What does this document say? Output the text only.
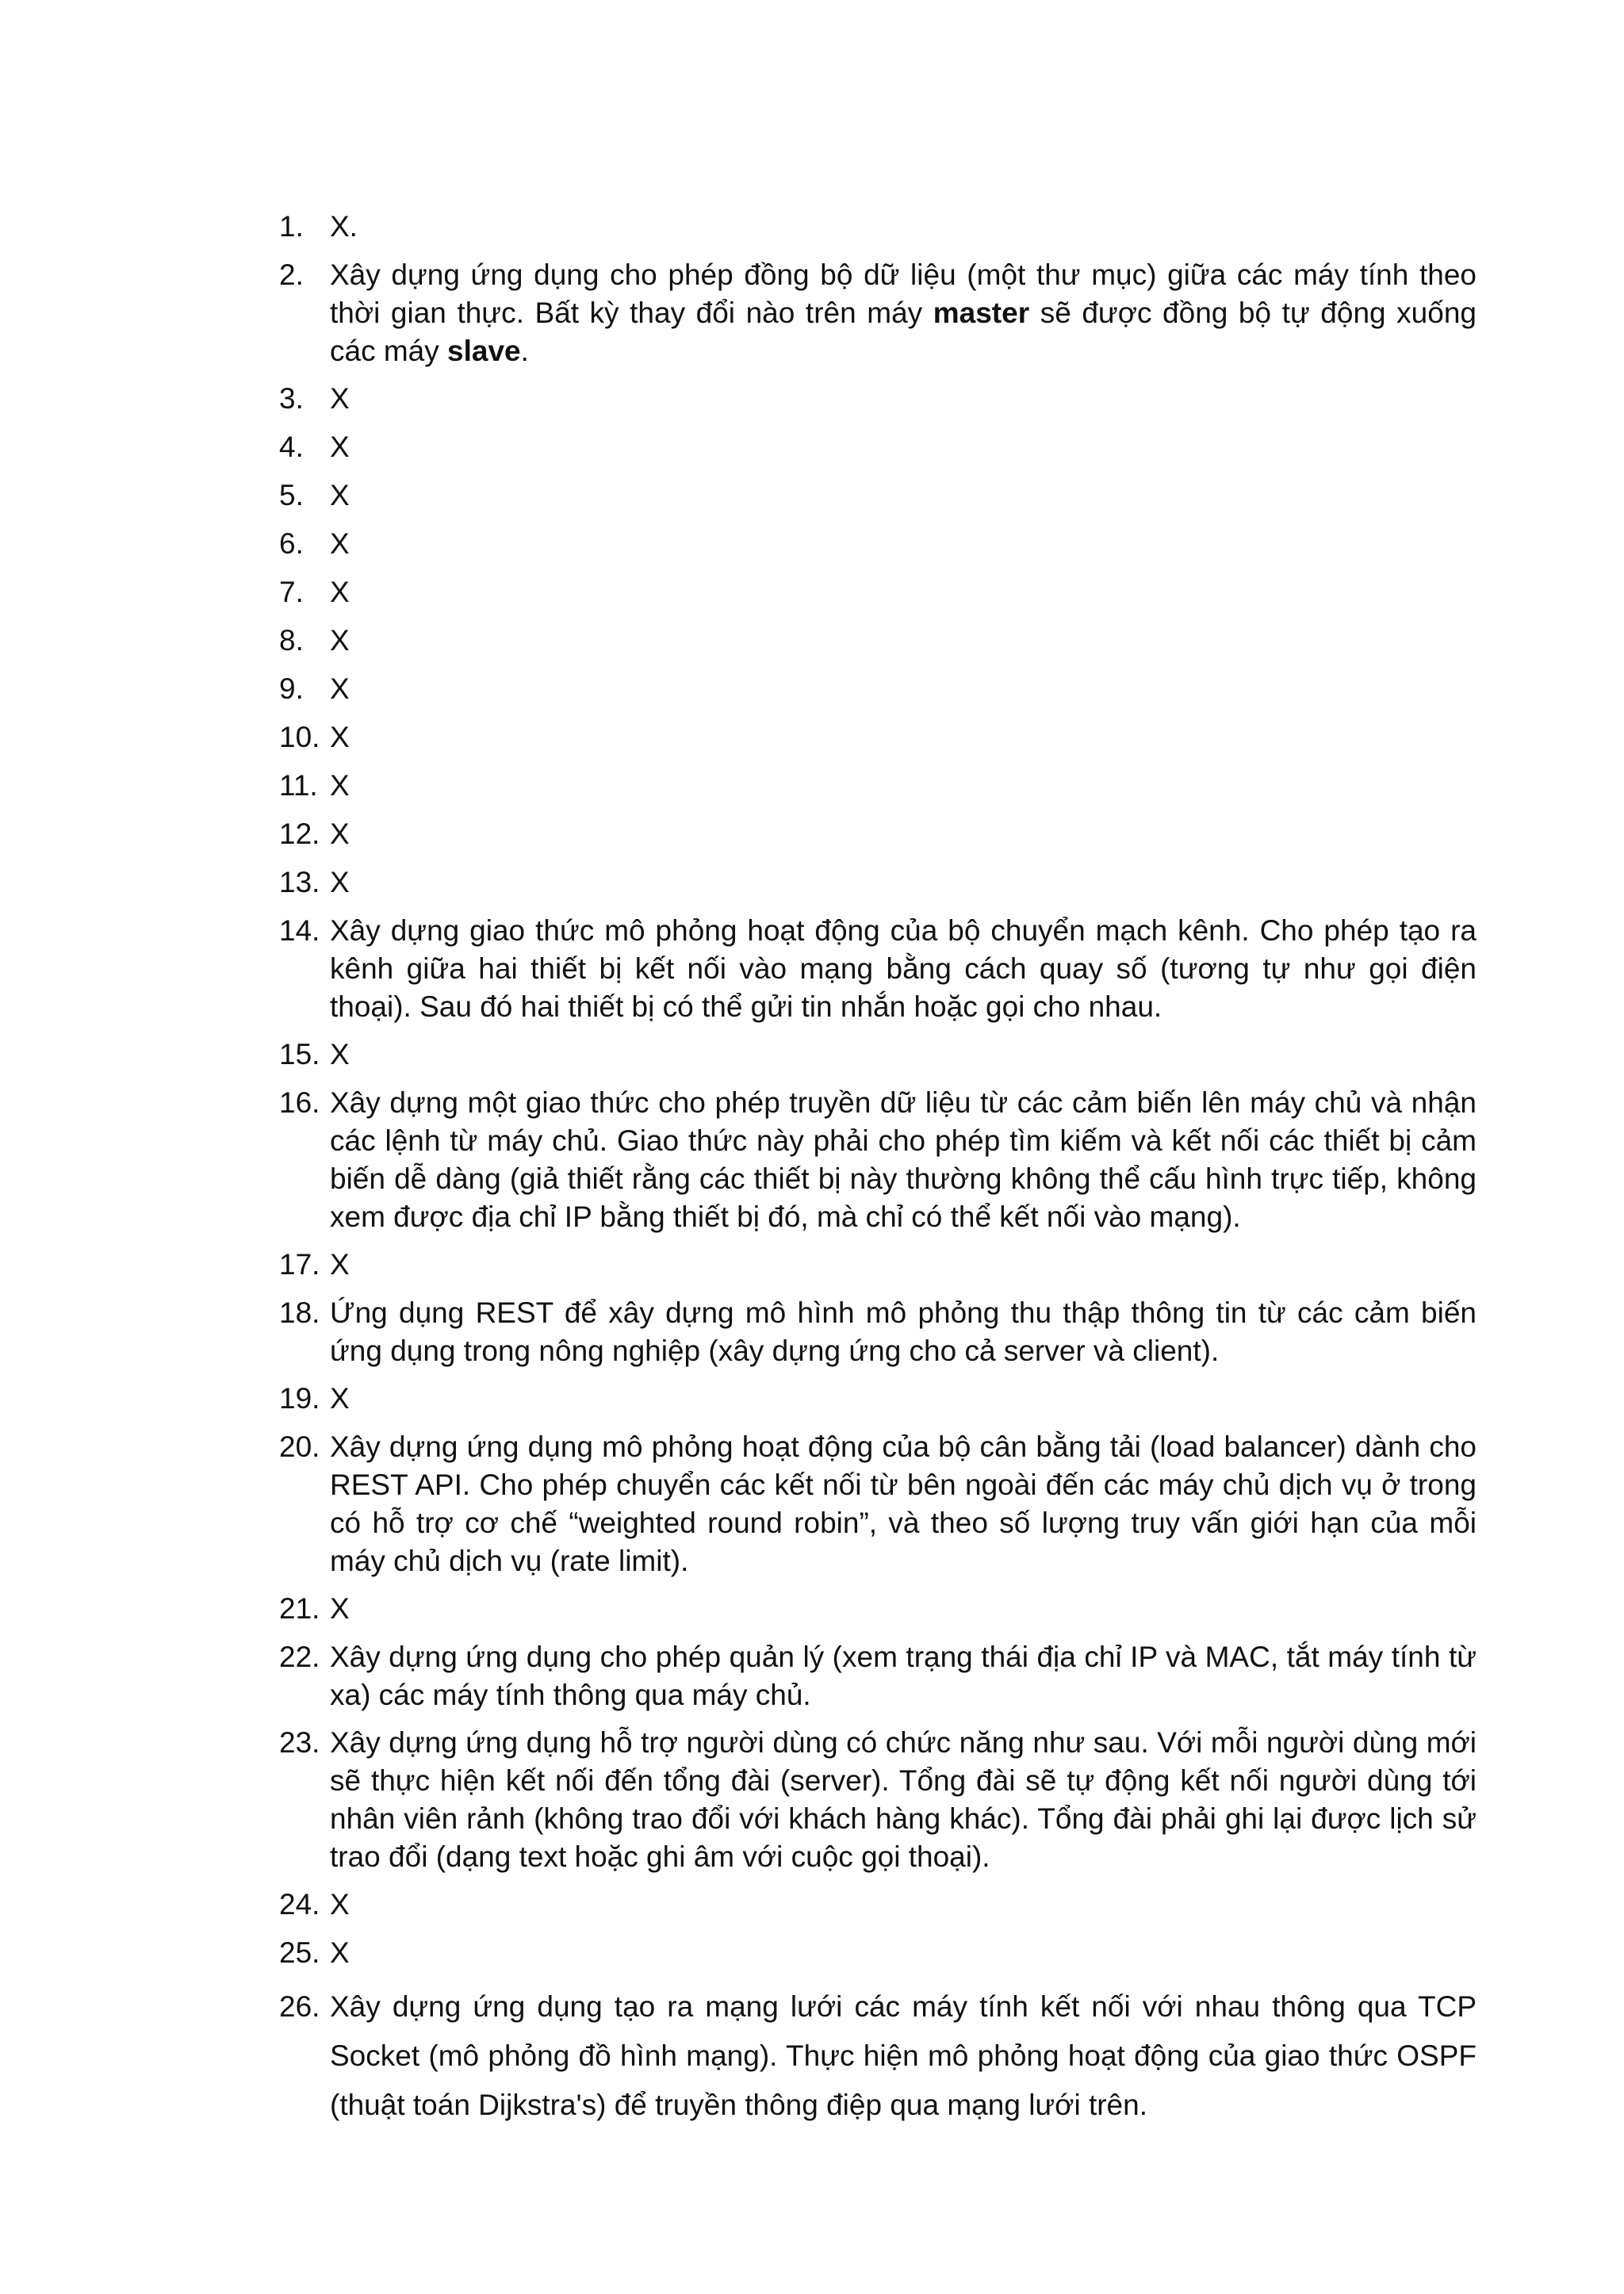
1. X.
2. Xây dựng ứng dụng cho phép đồng bộ dữ liệu (một thư mục) giữa các máy tính theo thời gian thực. Bất kỳ thay đổi nào trên máy master sẽ được đồng bộ tự động xuống các máy slave.
3. X
4. X
5. X
6. X
7. X
8. X
9. X
10. X
11. X
12. X
13. X
14. Xây dựng giao thức mô phỏng hoạt động của bộ chuyển mạch kênh. Cho phép tạo ra kênh giữa hai thiết bị kết nối vào mạng bằng cách quay số (tương tự như gọi điện thoại). Sau đó hai thiết bị có thể gửi tin nhắn hoặc gọi cho nhau.
15. X
16. Xây dựng một giao thức cho phép truyền dữ liệu từ các cảm biến lên máy chủ và nhận các lệnh từ máy chủ. Giao thức này phải cho phép tìm kiếm và kết nối các thiết bị cảm biến dễ dàng (giả thiết rằng các thiết bị này thường không thể cấu hình trực tiếp, không xem được địa chỉ IP bằng thiết bị đó, mà chỉ có thể kết nối vào mạng).
17. X
18. Ứng dụng REST để xây dựng mô hình mô phỏng thu thập thông tin từ các cảm biến ứng dụng trong nông nghiệp (xây dựng ứng cho cả server và client).
19. X
20. Xây dựng ứng dụng mô phỏng hoạt động của bộ cân bằng tải (load balancer) dành cho REST API. Cho phép chuyển các kết nối từ bên ngoài đến các máy chủ dịch vụ ở trong có hỗ trợ cơ chế “weighted round robin”, và theo số lượng truy vấn giới hạn của mỗi máy chủ dịch vụ (rate limit).
21. X
22. Xây dựng ứng dụng cho phép quản lý (xem trạng thái địa chỉ IP và MAC, tắt máy tính từ xa) các máy tính thông qua máy chủ.
23. Xây dựng ứng dụng hỗ trợ người dùng có chức năng như sau. Với mỗi người dùng mới sẽ thực hiện kết nối đến tổng đài (server). Tổng đài sẽ tự động kết nối người dùng tới nhân viên rảnh (không trao đổi với khách hàng khác). Tổng đài phải ghi lại được lịch sử trao đổi (dạng text hoặc ghi âm với cuộc gọi thoại).
24. X
25. X
26. Xây dựng ứng dụng tạo ra mạng lưới các máy tính kết nối với nhau thông qua TCP Socket (mô phỏng đồ hình mạng). Thực hiện mô phỏng hoạt động của giao thức OSPF (thuật toán Dijkstra's) để truyền thông điệp qua mạng lưới trên.
